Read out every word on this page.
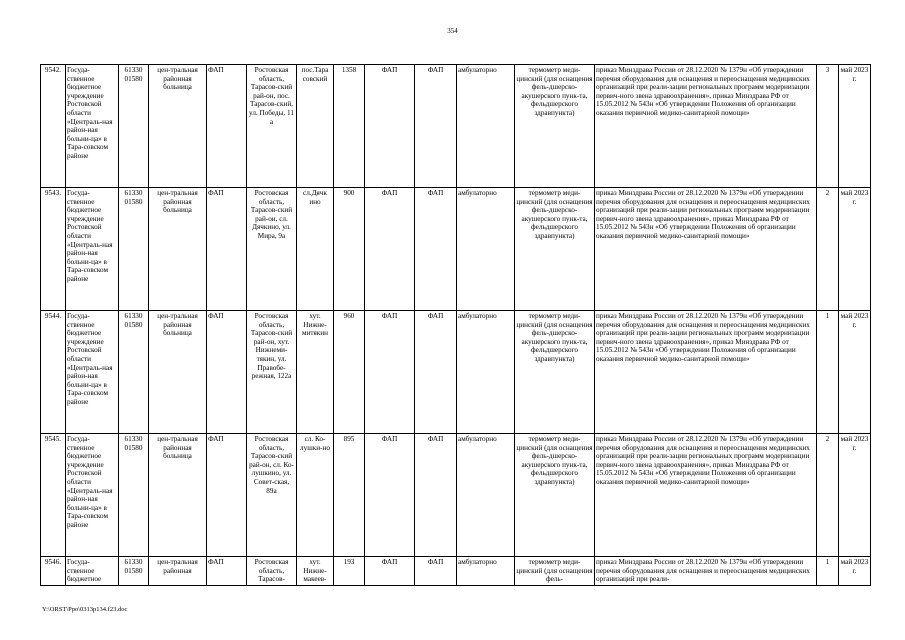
354
9542.	Госуда-ственное бюджетное учреждение Ростовской области «Централь-ная район-ная больни-ца» в Тара-совском районе	61330 01580	цен-тральная районная больница	ФАП	Ростовская область, Тарасов-ский рай-он, пос. Тарасов-ский, ул. Победы, 11 а	пос.Тара совский	1358	ФАП	ФАП	амбулаторно	термометр меди-цинский (для оснащения фель-дшерско-акушерского пунк-та, фельдшерского здравпункта)	приказ Минздрава России от 28.12.2020 № 1379н «Об утверждении перечня оборудования для оснащения и переоснащения медицинских организаций при реали-зации региональных программ модернизации первич-ного звена здравоохранения», приказ Минздрава РФ от 15.05.2012 № 543н «Об утверждении Положения об организации оказания первичной медико-санитарной помощи»	3	май 2023 г.
9543.	Госуда-ственное бюджетное учреждение Ростовской области «Централь-ная район-ная больни-ца» в Тара-совском районе	61330 01580	цен-тральная районная больница	ФАП	Ростовская область, Тарасов-ский рай-он, сл. Дячкино, ул. Мира, 9а	сл.Дячк ино	900	ФАП	ФАП	амбулаторно	термометр меди-цинский (для оснащения фель-дшерско-акушерского пунк-та, фельдшерского здравпункта)	приказ Минздрава России от 28.12.2020 № 1379н «Об утверждении перечня оборудования для оснащения и переоснащения медицинских организаций при реали-зации региональных программ модернизации первич-ного звена здравоохранения», приказ Минздрава РФ от 15.05.2012 № 543н «Об утверждении Положения об организации оказания первичной медико-санитарной помощи»	2	май 2023 г.
9544.	Госуда-ственное бюджетное учреждение Ростовской области «Централь-ная район-ная больни-ца» в Тара-совском районе	61330 01580	цен-тральная районная больница	ФАП	Ростовская область, Тарасов-ский рай-он, хут. Нижнеми-тякин, ул. Правобе-режная, 122а	хут. Нижне-митякин	960	ФАП	ФАП	амбулаторно	термометр меди-цинский (для оснащения фель-дшерско-акушерского пунк-та, фельдшерского здравпункта)	приказ Минздрава России от 28.12.2020 № 1379н «Об утверждении перечня оборудования для оснащения и переоснащения медицинских организаций при реали-зации региональных программ модернизации первич-ного звена здравоохранения», приказ Минздрава РФ от 15.05.2012 № 543н «Об утверждении Положения об организации оказания первичной медико-санитарной помощи»	1	май 2023 г.
9545.	Госуда-ственное бюджетное учреждение Ростовской области «Централь-ная район-ная больни-ца» в Тара-совском районе	61330 01580	цен-тральная районная больница	ФАП	Ростовская область, Тарасов-ский рай-он, сл. Ко-лушкино, ул. Совет-ская, 89а	сл. Ко-лушки-но	895	ФАП	ФАП	амбулаторно	термометр меди-цинский (для оснащения фель-дшерско-акушерского пунк-та, фельдшерского здравпункта)	приказ Минздрава России от 28.12.2020 № 1379н «Об утверждении перечня оборудования для оснащения и переоснащения медицинских организаций при реали-зации региональных программ модернизации первич-ного звена здравоохранения», приказ Минздрава РФ от 15.05.2012 № 543н «Об утверждении Положения об организации оказания первичной медико-санитарной помощи»	2	май 2023 г.
9546.	Госуда-ственное бюджетное	61330 01580	цен-тральная районная	ФАП	Ростовская область, Тарасов-	хут. Нижне-макеев-	193	ФАП	ФАП	амбулаторно	термометр меди-цинский (для оснащения фель-	приказ Минздрава России от 28.12.2020 № 1379н «Об утверждении перечня оборудования для оснащения и переоснащения медицинских организаций при реали-	1	май 2023 г.
Y:\ORST\Ppo\0313p134.f23.doc
